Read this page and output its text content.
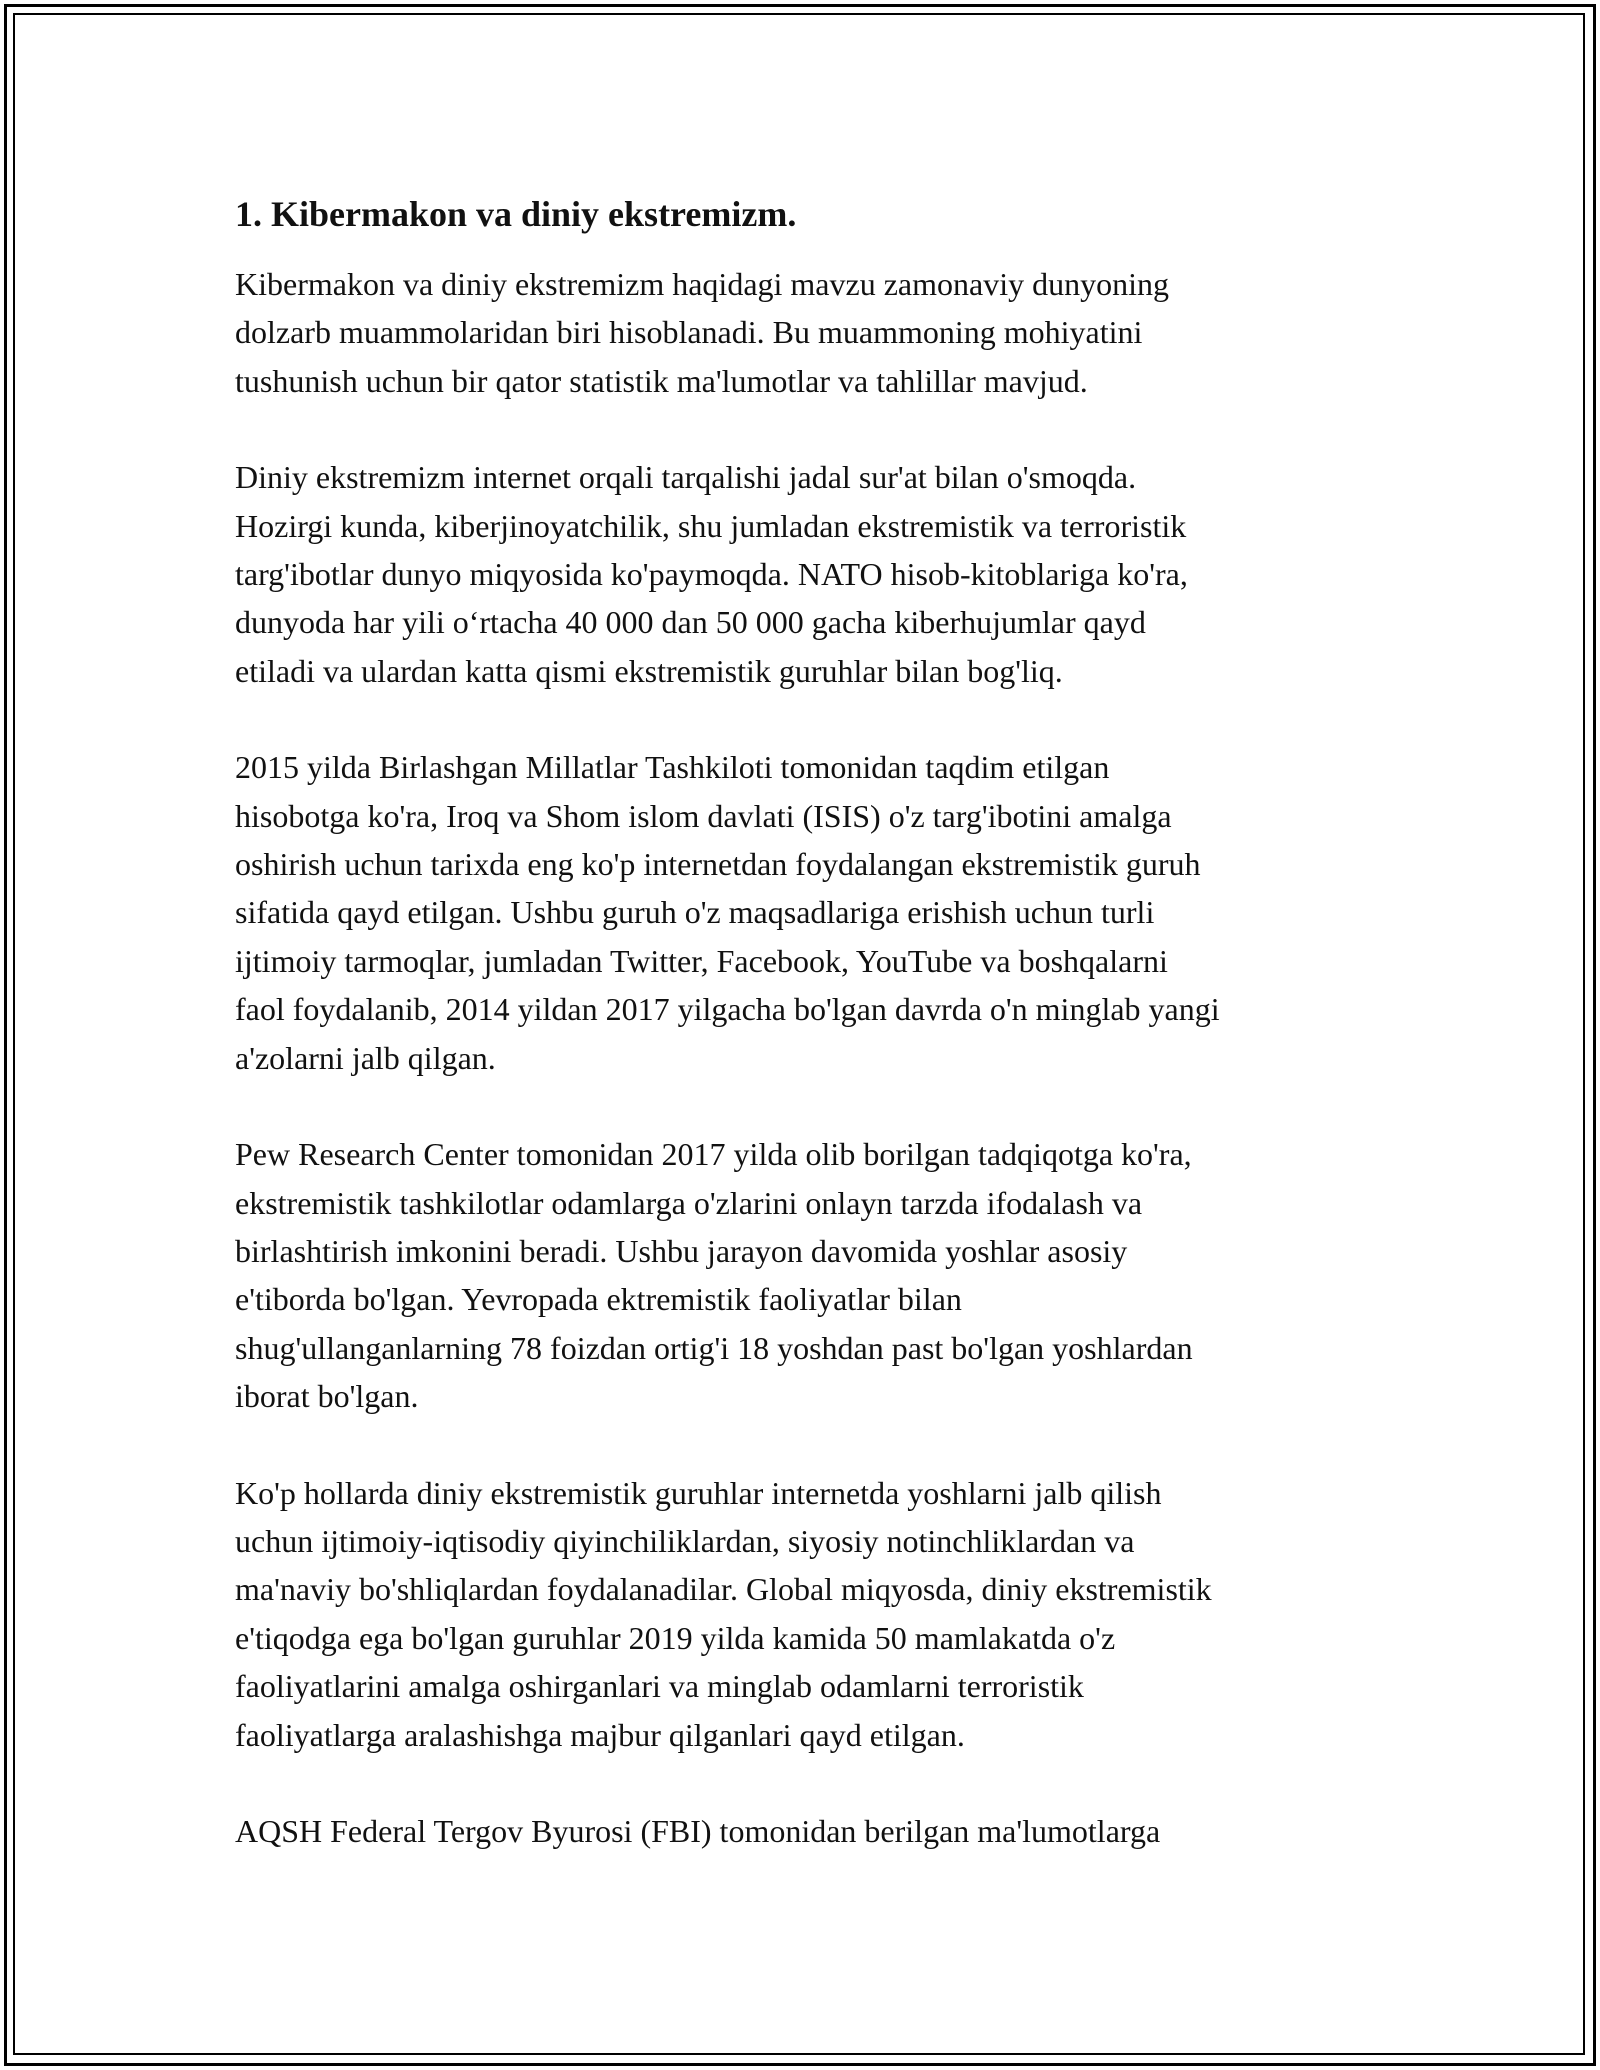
1. Kibermakon va diniy ekstremizm.
Kibermakon va diniy ekstremizm haqidagi mavzu zamonaviy dunyoning
dolzarb muammolaridan biri hisoblanadi. Bu muammoning mohiyatini
tushunish uchun bir qator statistik ma'lumotlar va tahlillar mavjud.
Diniy ekstremizm internet orqali tarqalishi jadal sur'at bilan o'smoqda.
Hozirgi kunda, kiberjinoyatchilik, shu jumladan ekstremistik va terroristik
targ'ibotlar dunyo miqyosida ko'paymoqda. NATO hisob-kitoblariga ko'ra,
dunyoda har yili o‘rtacha 40 000 dan 50 000 gacha kiberhujumlar qayd
etiladi va ulardan katta qismi ekstremistik guruhlar bilan bog'liq.
2015 yilda Birlashgan Millatlar Tashkiloti tomonidan taqdim etilgan
hisobotga ko'ra, Iroq va Shom islom davlati (ISIS) o'z targ'ibotini amalga
oshirish uchun tarixda eng ko'p internetdan foydalangan ekstremistik guruh
sifatida qayd etilgan. Ushbu guruh o'z maqsadlariga erishish uchun turli
ijtimoiy tarmoqlar, jumladan Twitter, Facebook, YouTube va boshqalarni
faol foydalanib, 2014 yildan 2017 yilgacha bo'lgan davrda o'n minglab yangi
a'zolarni jalb qilgan.
Pew Research Center tomonidan 2017 yilda olib borilgan tadqiqotga ko'ra,
ekstremistik tashkilotlar odamlarga o'zlarini onlayn tarzda ifodalash va
birlashtirish imkonini beradi. Ushbu jarayon davomida yoshlar asosiy
e'tiborda bo'lgan. Yevropada ektremistik faoliyatlar bilan
shug'ullanganlarning 78 foizdan ortig'i 18 yoshdan past bo'lgan yoshlardan
iborat bo'lgan.
Ko'p hollarda diniy ekstremistik guruhlar internetda yoshlarni jalb qilish
uchun ijtimoiy-iqtisodiy qiyinchiliklardan, siyosiy notinchliklardan va
ma'naviy bo'shliqlardan foydalanadilar. Global miqyosda, diniy ekstremistik
e'tiqodga ega bo'lgan guruhlar 2019 yilda kamida 50 mamlakatda o'z
faoliyatlarini amalga oshirganlari va minglab odamlarni terroristik
faoliyatlarga aralashishga majbur qilganlari qayd etilgan.
AQSH Federal Tergov Byurosi (FBI) tomonidan berilgan ma'lumotlarga
